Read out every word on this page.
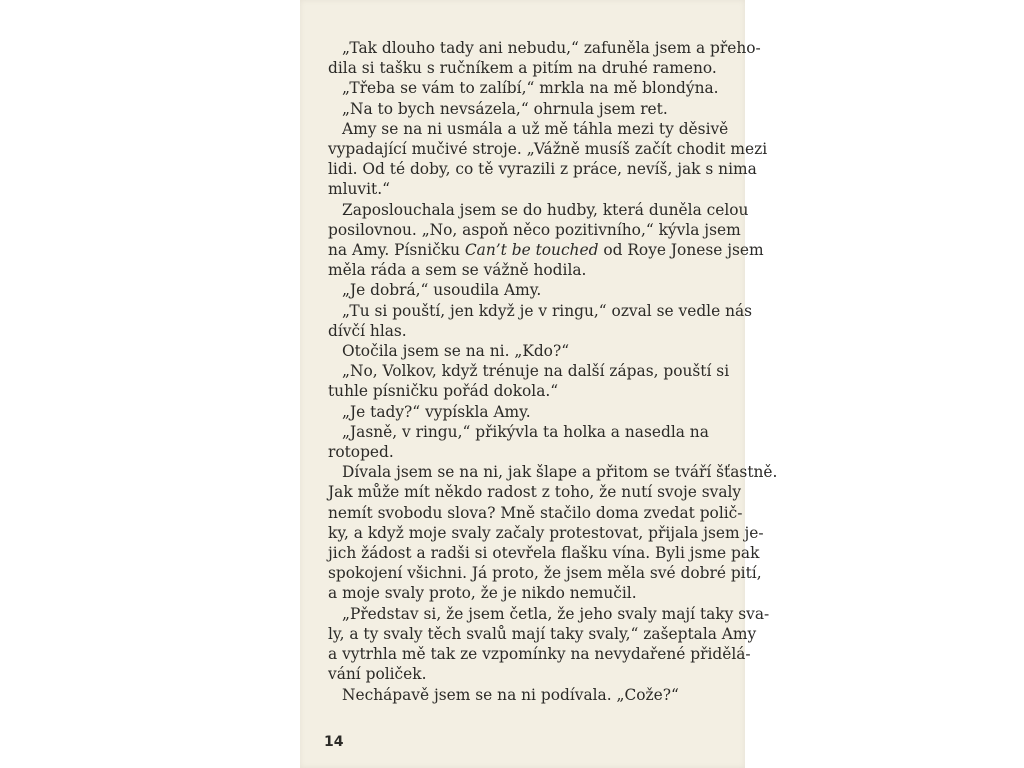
„Tak dlouho tady ani nebudu,“ zafuněla jsem a přeho-
dila si tašku s ručníkem a pitím na druhé rameno.

„Třeba se vám to zalíbí,“ mrkla na mě blondýna.

„Na to bych nevsázela,“ ohrnula jsem ret.

Amy se na ni usmála a už mě táhla mezi ty děsivě
vypadající mučivé stroje. „Vážně musíš začít chodit mezi
lidi. Od té doby, co tě vyrazili z práce, nevíš, jak s nima
mluvit.“

Zaposlouchala jsem se do hudby, která duněla celou
posilovnou. „No, aspoň něco pozitivního,“ kývla jsem
na Amy. Písničku Can’t be touched od Roye Jonese jsem
měla ráda a sem se vážně hodila.

„Je dobrá,“ usoudila Amy.

„Tu si pouští, jen když je v ringu,“ ozval se vedle nás
dívčí hlas.

Otočila jsem se na ni. „Kdo?“

„No, Volkov, když trénuje na další zápas, pouští si
tuhle písničku pořád dokola.“

„Je tady?“ vypískla Amy.

„Jasně, v ringu,“ přikývla ta holka a nasedla na
rotoped.

Dívala jsem se na ni, jak šlape a přitom se tváří šťastně.
Jak může mít někdo radost z toho, že nutí svoje svaly
nemít svobodu slova? Mně stačilo doma zvedat polič-
ky, a když moje svaly začaly protestovat, přijala jsem je-
jich žádost a radši si otevřela flašku vína. Byli jsme pak
spokojení všichni. Já proto, že jsem měla své dobré pití,
a moje svaly proto, že je nikdo nemučil.

„Představ si, že jsem četla, že jeho svaly mají taky sva-
ly, a ty svaly těch svalů mají taky svaly,“ zašeptala Amy
a vytrhla mě tak ze vzpomínky na nevydařené přidělá-
vání poliček.

Nechápavě jsem se na ni podívala. „Cože?“

14
